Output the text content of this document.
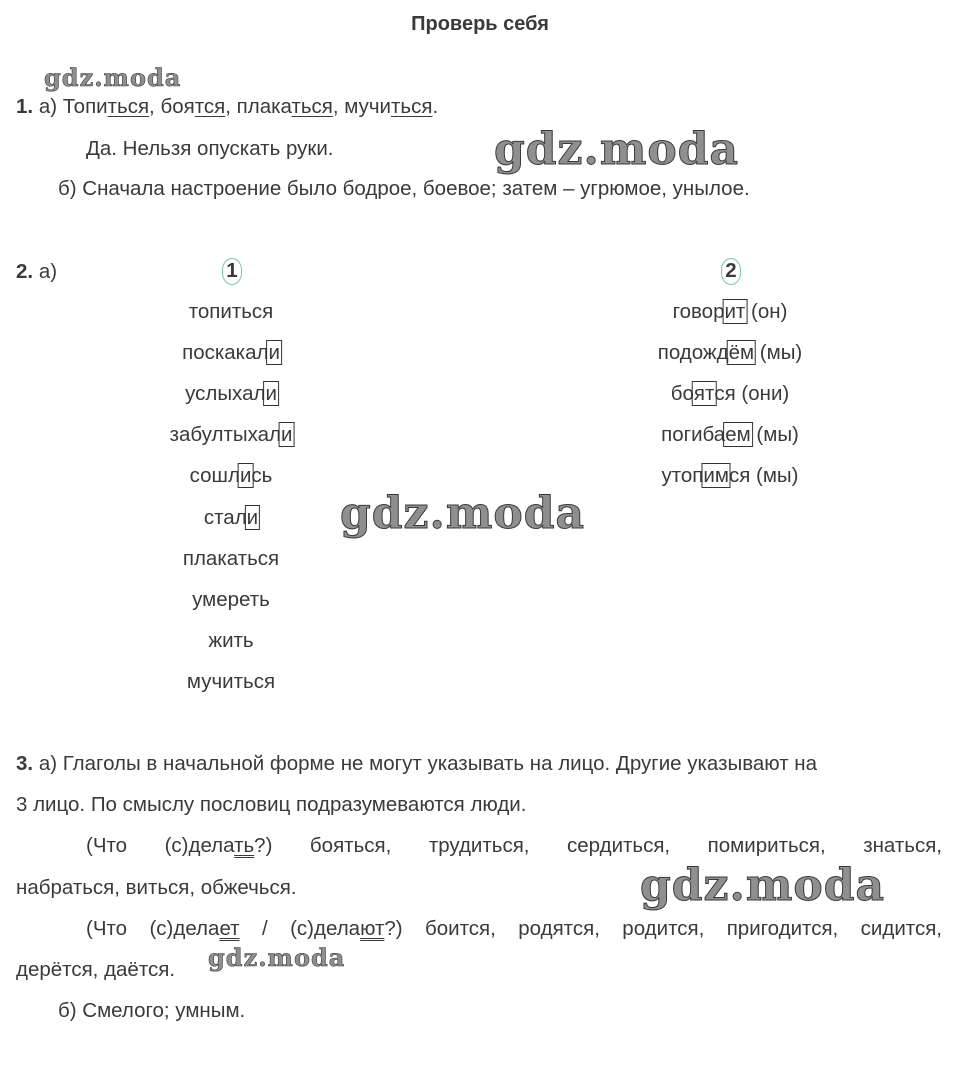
Проверь себя
gdz.moda
gdz.moda
gdz.moda
gdz.moda
gdz.moda
1. а) Топиться, боятся, плакаться, мучиться.
Да. Нельзя опускать руки.
б) Сначала настроение было бодрое, боевое; затем – угрюмое, унылое.
2. а)	1	2
топиться
поскакали
услыхали
забултыхали
сошлись
стали
плакаться
умереть
жить
мучиться
говорит (он)
подождём (мы)
боятся (они)
погибаем (мы)
утопимся (мы)
3. а) Глаголы в начальной форме не могут указывать на лицо. Другие указывают на
3 лицо. По смыслу пословиц подразумеваются люди.
(Что (с)делать?) бояться, трудиться, сердиться, помириться, знаться,
набраться, виться, обжечься.
(Что (с)делает / (с)делают?) боится, родятся, родится, пригодится, сидится,
дерётся, даётся.
б) Смелого; умным.
